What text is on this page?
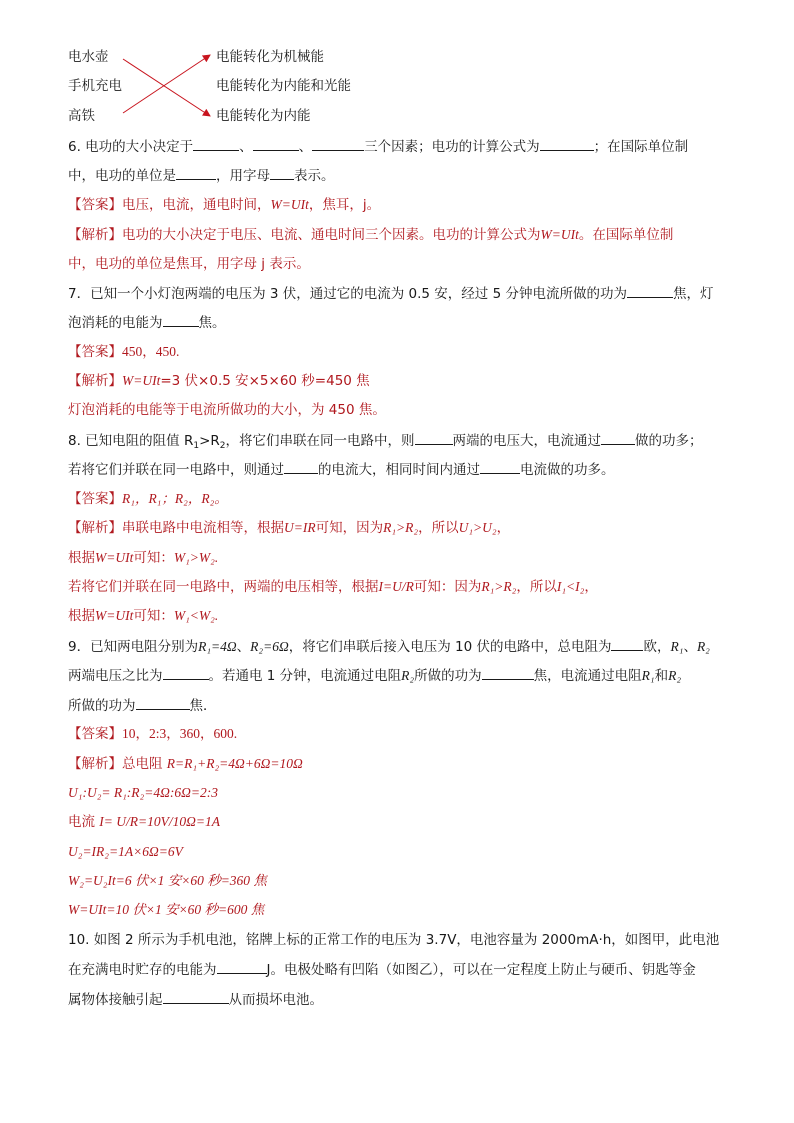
电水壶
手机充电
高铁
电能转化为机械能
电能转化为内能和光能
电能转化为内能
6. 电功的大小决定于	、	、	三个因素；电功的计算公式为	；在国际单位制
中，电功的单位是	，用字母 表示。
【答案】电压，电流，通电时间，W=UIt，焦耳，j。
【解析】电功的大小决定于电压、电流、通电时间三个因素。电功的计算公式为W=UIt。在国际单位制
中，电功的单位是焦耳，用字母 j 表示。
7．已知一个小灯泡两端的电压为 3 伏，通过它的电流为 0.5 安，经过 5 分钟电流所做的功为	焦，灯
泡消耗的电能为	焦。
【答案】450，450.
【解析】W=UIt=3 伏×0.5 安×5×60 秒=450 焦
灯泡消耗的电能等于电流所做功的大小，为 450 焦。
8. 已知电阻的阻值 $R_1>R_2$，将它们串联在同一电路中，则	两端的电压大，电流通过	做的功多；
若将它们并联在同一电路中，则通过	的电流大，相同时间内通过	电流做的功多。
【答案】R₁，R₁；R₂，R₂。
【解析】串联电路中电流相等，根据U=IR可知，因为R₁>R₂，所以U₁>U₂，
根据W=UIt可知：W₁>W₂.
若将它们并联在同一电路中，两端的电压相等，根据I=U/R可知：因为R₁>R₂，所以I₁<I₂，
根据W=UIt可知：W₁<W₂.
9．已知两电阻分别为R₁=4Ω、R₂=6Ω，将它们串联后接入电压为 10 伏的电路中，总电阻为 欧，R₁、R₂
两端电压之比为	。若通电 1 分钟，电流通过电阻R₂所做的功为	焦，电流通过电阻R₁和R₂
所做的功为	焦．
【答案】10，2:3，360，600.
【解析】总电阻 R=R₁+R₂=4Ω+6Ω=10Ω
U₁:U₂= R₁:R₂=4Ω:6Ω=2:3
电流 I= U/R=10V/10Ω=1A
U₂=IR₂=1A×6Ω=6V
W₂=U₂It=6 伏×1 安×60 秒=360 焦
W=UIt=10 伏×1 安×60 秒=600 焦
10. 如图 2 所示为手机电池，铭牌上标的正常工作的电压为 3.7V，电池容量为 2000mA·h，如图甲，此电池
在充满电时贮存的电能为	J。电极处略有凹陷（如图乙），可以在一定程度上防止与硬币、钥匙等金
属物体接触引起	从而损坏电池。
